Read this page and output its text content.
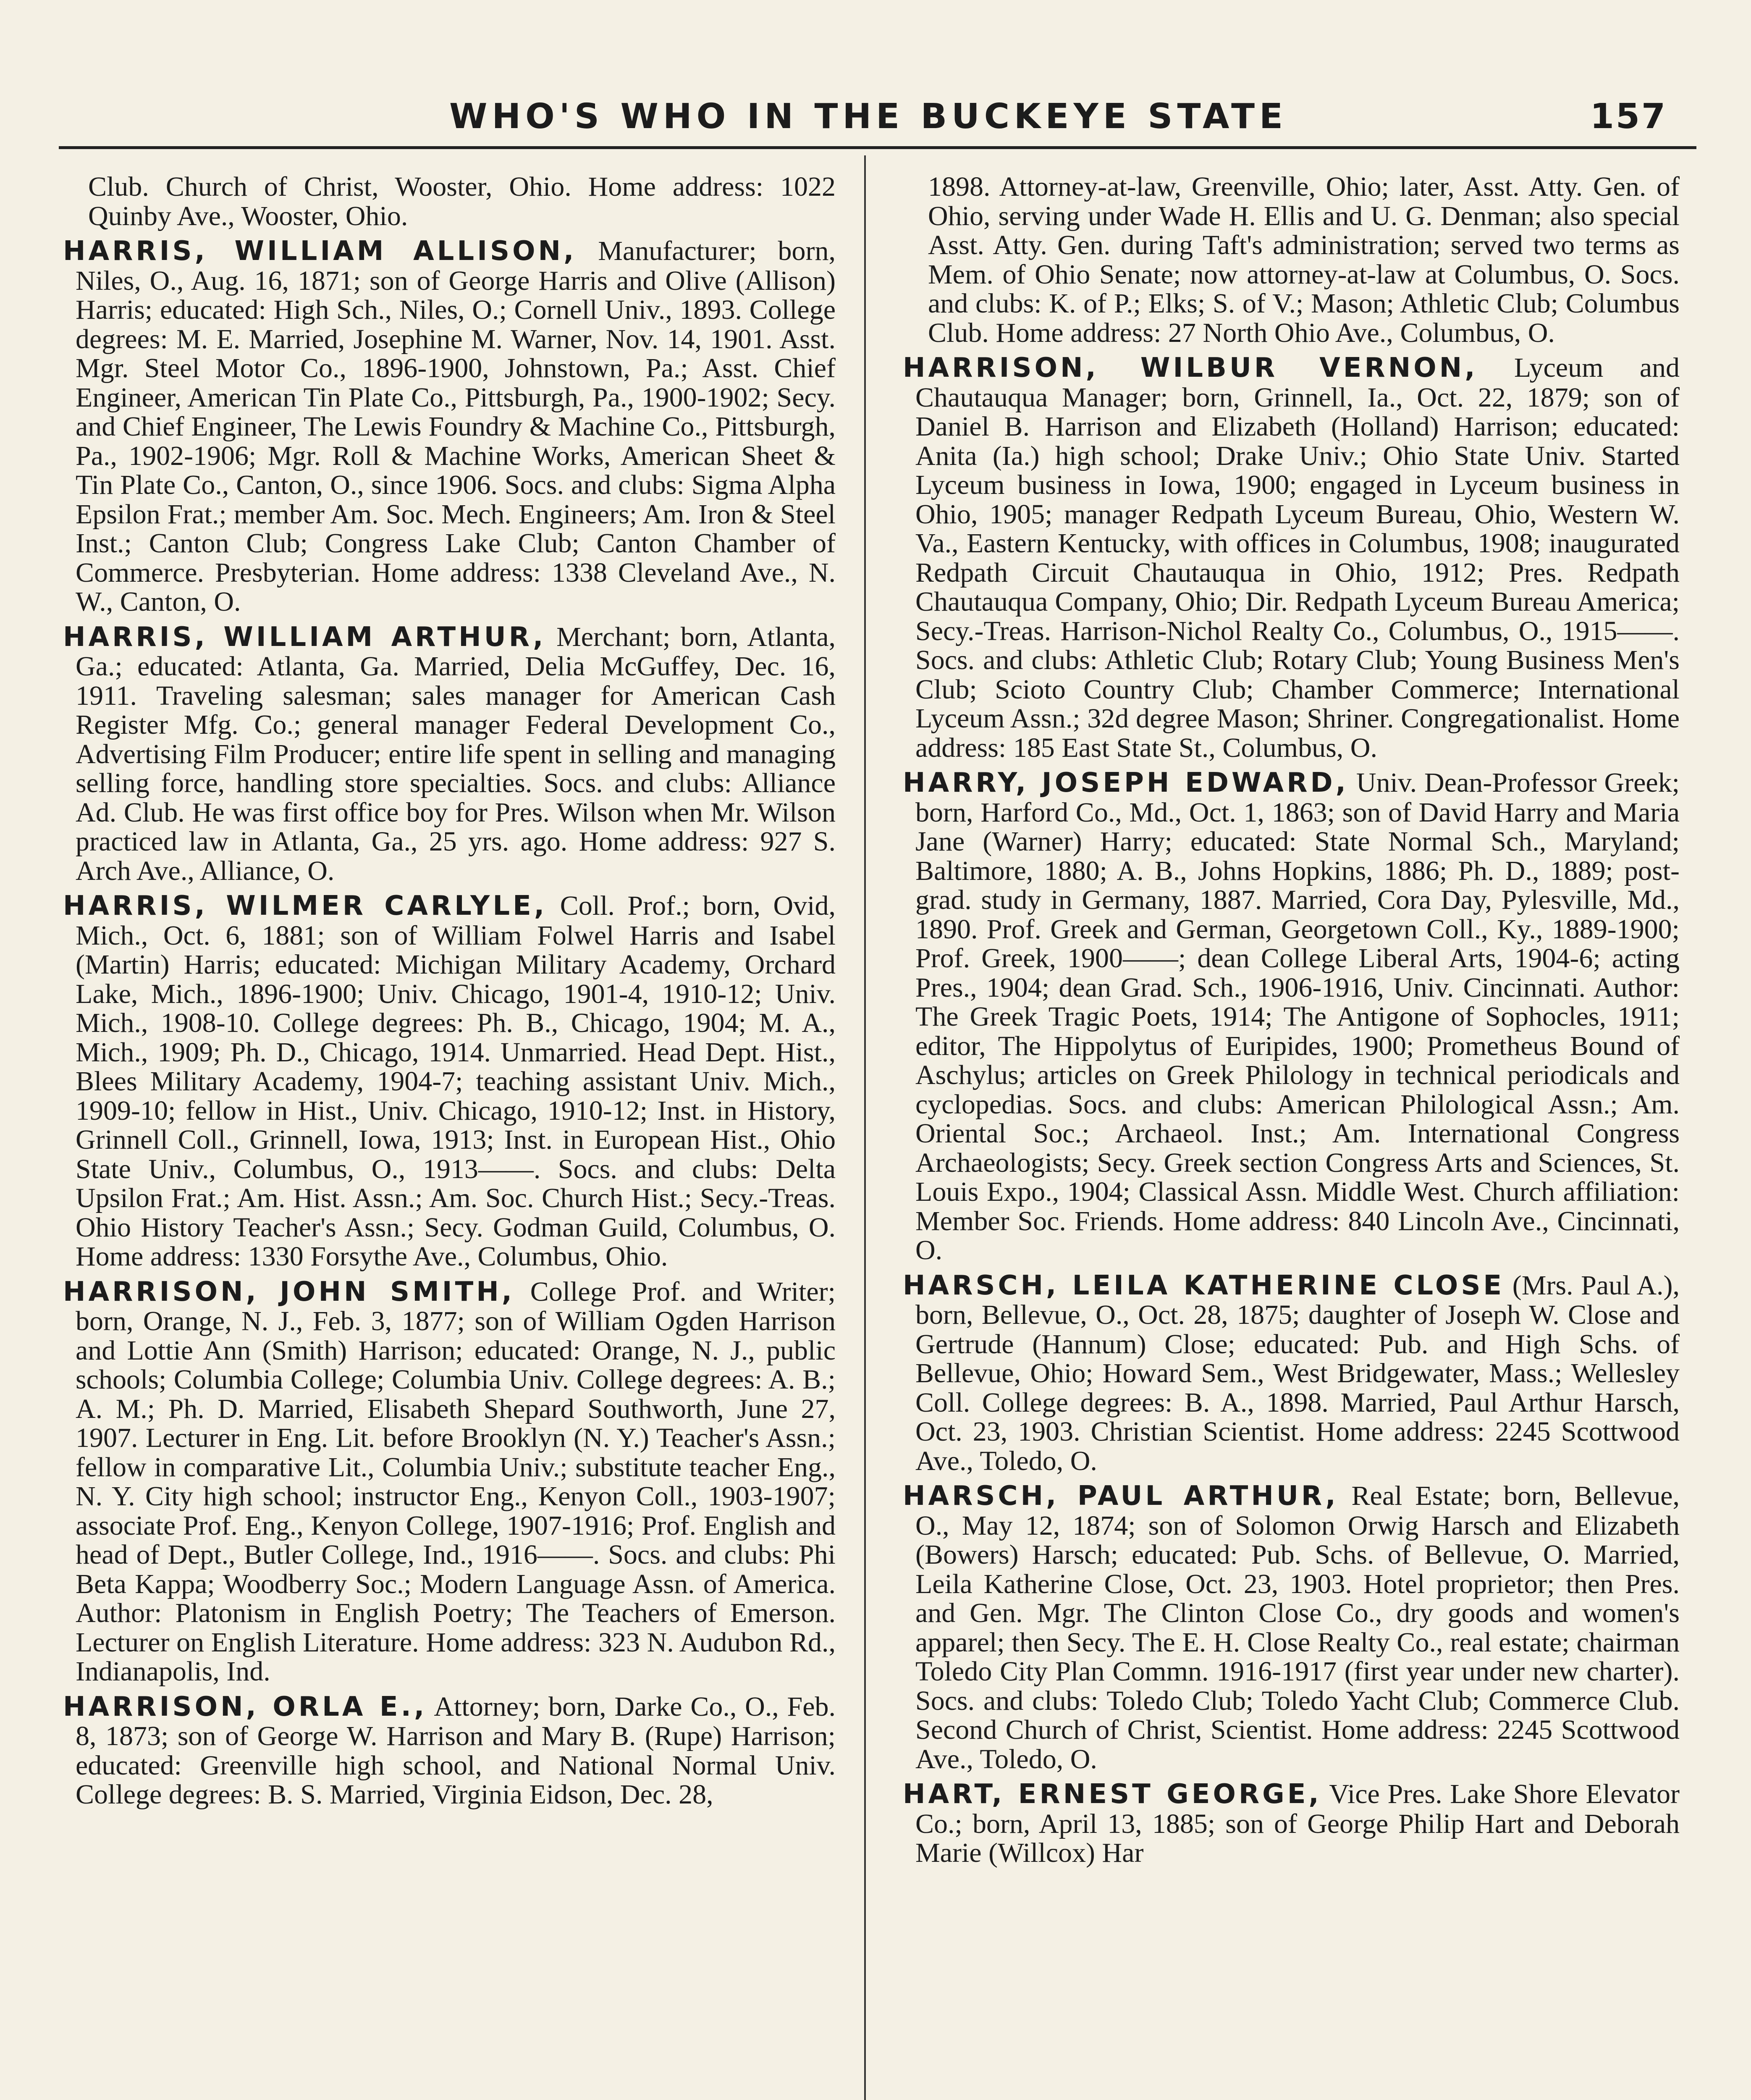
WHO'S WHO IN THE BUCKEYE STATE	157

Club. Church of Christ, Wooster, Ohio. Home address: 1022 Quinby Ave., Wooster, Ohio.

HARRIS, WILLIAM ALLISON, Manufacturer; born, Niles, O., Aug. 16, 1871; son of George Harris and Olive (Allison) Harris; educated: High Sch., Niles, O.; Cornell Univ., 1893. College degrees: M. E. Married, Josephine M. Warner, Nov. 14, 1901. Asst. Mgr. Steel Motor Co., 1896-1900, Johnstown, Pa.; Asst. Chief Engineer, American Tin Plate Co., Pittsburgh, Pa., 1900-1902; Secy. and Chief Engineer, The Lewis Foundry & Machine Co., Pittsburgh, Pa., 1902-1906; Mgr. Roll & Machine Works, American Sheet & Tin Plate Co., Canton, O., since 1906. Socs. and clubs: Sigma Alpha Epsilon Frat.; member Am. Soc. Mech. Engineers; Am. Iron & Steel Inst.; Canton Club; Congress Lake Club; Canton Chamber of Commerce. Presbyterian. Home address: 1338 Cleveland Ave., N. W., Canton, O.

HARRIS, WILLIAM ARTHUR, Merchant; born, Atlanta, Ga.; educated: Atlanta, Ga. Married, Delia McGuffey, Dec. 16, 1911. Traveling salesman; sales manager for American Cash Register Mfg. Co.; general manager Federal Development Co., Advertising Film Producer; entire life spent in selling and managing selling force, handling store specialties. Socs. and clubs: Alliance Ad. Club. He was first office boy for Pres. Wilson when Mr. Wilson practiced law in Atlanta, Ga., 25 yrs. ago. Home address: 927 S. Arch Ave., Alliance, O.

HARRIS, WILMER CARLYLE, Coll. Prof.; born, Ovid, Mich., Oct. 6, 1881; son of William Folwel Harris and Isabel (Martin) Harris; educated: Michigan Military Academy, Orchard Lake, Mich., 1896-1900; Univ. Chicago, 1901-4, 1910-12; Univ. Mich., 1908-10. College degrees: Ph. B., Chicago, 1904; M. A., Mich., 1909; Ph. D., Chicago, 1914. Unmarried. Head Dept. Hist., Blees Military Academy, 1904-7; teaching assistant Univ. Mich., 1909-10; fellow in Hist., Univ. Chicago, 1910-12; Inst. in History, Grinnell Coll., Grinnell, Iowa, 1913; Inst. in European Hist., Ohio State Univ., Columbus, O., 1913——. Socs. and clubs: Delta Upsilon Frat.; Am. Hist. Assn.; Am. Soc. Church Hist.; Secy.-Treas. Ohio History Teacher's Assn.; Secy. Godman Guild, Columbus, O. Home address: 1330 Forsythe Ave., Columbus, Ohio.

HARRISON, JOHN SMITH, College Prof. and Writer; born, Orange, N. J., Feb. 3, 1877; son of William Ogden Harrison and Lottie Ann (Smith) Harrison; educated: Orange, N. J., public schools; Columbia College; Columbia Univ. College degrees: A. B.; A. M.; Ph. D. Married, Elisabeth Shepard Southworth, June 27, 1907. Lecturer in Eng. Lit. before Brooklyn (N. Y.) Teacher's Assn.; fellow in comparative Lit., Columbia Univ.; substitute teacher Eng., N. Y. City high school; instructor Eng., Kenyon Coll., 1903-1907; associate Prof. Eng., Kenyon College, 1907-1916; Prof. English and head of Dept., Butler College, Ind., 1916——. Socs. and clubs: Phi Beta Kappa; Woodberry Soc.; Modern Language Assn. of America. Author: Platonism in English Poetry; The Teachers of Emerson. Lecturer on English Literature. Home address: 323 N. Audubon Rd., Indianapolis, Ind.

HARRISON, ORLA E., Attorney; born, Darke Co., O., Feb. 8, 1873; son of George W. Harrison and Mary B. (Rupe) Harrison; educated: Greenville high school, and National Normal Univ. College degrees: B. S. Married, Virginia Eidson, Dec. 28,

1898. Attorney-at-law, Greenville, Ohio; later, Asst. Atty. Gen. of Ohio, serving under Wade H. Ellis and U. G. Denman; also special Asst. Atty. Gen. during Taft's administration; served two terms as Mem. of Ohio Senate; now attorney-at-law at Columbus, O. Socs. and clubs: K. of P.; Elks; S. of V.; Mason; Athletic Club; Columbus Club. Home address: 27 North Ohio Ave., Columbus, O.

HARRISON, WILBUR VERNON, Lyceum and Chautauqua Manager; born, Grinnell, Ia., Oct. 22, 1879; son of Daniel B. Harrison and Elizabeth (Holland) Harrison; educated: Anita (Ia.) high school; Drake Univ.; Ohio State Univ. Started Lyceum business in Iowa, 1900; engaged in Lyceum business in Ohio, 1905; manager Redpath Lyceum Bureau, Ohio, Western W. Va., Eastern Kentucky, with offices in Columbus, 1908; inaugurated Redpath Circuit Chautauqua in Ohio, 1912; Pres. Redpath Chautauqua Company, Ohio; Dir. Redpath Lyceum Bureau America; Secy.-Treas. Harrison-Nichol Realty Co., Columbus, O., 1915——. Socs. and clubs: Athletic Club; Rotary Club; Young Business Men's Club; Scioto Country Club; Chamber Commerce; International Lyceum Assn.; 32d degree Mason; Shriner. Congregationalist. Home address: 185 East State St., Columbus, O.

HARRY, JOSEPH EDWARD, Univ. Dean-Professor Greek; born, Harford Co., Md., Oct. 1, 1863; son of David Harry and Maria Jane (Warner) Harry; educated: State Normal Sch., Maryland; Baltimore, 1880; A. B., Johns Hopkins, 1886; Ph. D., 1889; post-grad. study in Germany, 1887. Married, Cora Day, Pylesville, Md., 1890. Prof. Greek and German, Georgetown Coll., Ky., 1889-1900; Prof. Greek, 1900——; dean College Liberal Arts, 1904-6; acting Pres., 1904; dean Grad. Sch., 1906-1916, Univ. Cincinnati. Author: The Greek Tragic Poets, 1914; The Antigone of Sophocles, 1911; editor, The Hippolytus of Euripides, 1900; Prometheus Bound of Aschylus; articles on Greek Philology in technical periodicals and cyclopedias. Socs. and clubs: American Philological Assn.; Am. Oriental Soc.; Archaeol. Inst.; Am. International Congress Archaeologists; Secy. Greek section Congress Arts and Sciences, St. Louis Expo., 1904; Classical Assn. Middle West. Church affiliation: Member Soc. Friends. Home address: 840 Lincoln Ave., Cincinnati, O.

HARSCH, LEILA KATHERINE CLOSE (Mrs. Paul A.), born, Bellevue, O., Oct. 28, 1875; daughter of Joseph W. Close and Gertrude (Hannum) Close; educated: Pub. and High Schs. of Bellevue, Ohio; Howard Sem., West Bridgewater, Mass.; Wellesley Coll. College degrees: B. A., 1898. Married, Paul Arthur Harsch, Oct. 23, 1903. Christian Scientist. Home address: 2245 Scottwood Ave., Toledo, O.

HARSCH, PAUL ARTHUR, Real Estate; born, Bellevue, O., May 12, 1874; son of Solomon Orwig Harsch and Elizabeth (Bowers) Harsch; educated: Pub. Schs. of Bellevue, O. Married, Leila Katherine Close, Oct. 23, 1903. Hotel proprietor; then Pres. and Gen. Mgr. The Clinton Close Co., dry goods and women's apparel; then Secy. The E. H. Close Realty Co., real estate; chairman Toledo City Plan Commn. 1916-1917 (first year under new charter). Socs. and clubs: Toledo Club; Toledo Yacht Club; Commerce Club. Second Church of Christ, Scientist. Home address: 2245 Scottwood Ave., Toledo, O.

HART, ERNEST GEORGE, Vice Pres. Lake Shore Elevator Co.; born, April 13, 1885; son of George Philip Hart and Deborah Marie (Willcox) Har
